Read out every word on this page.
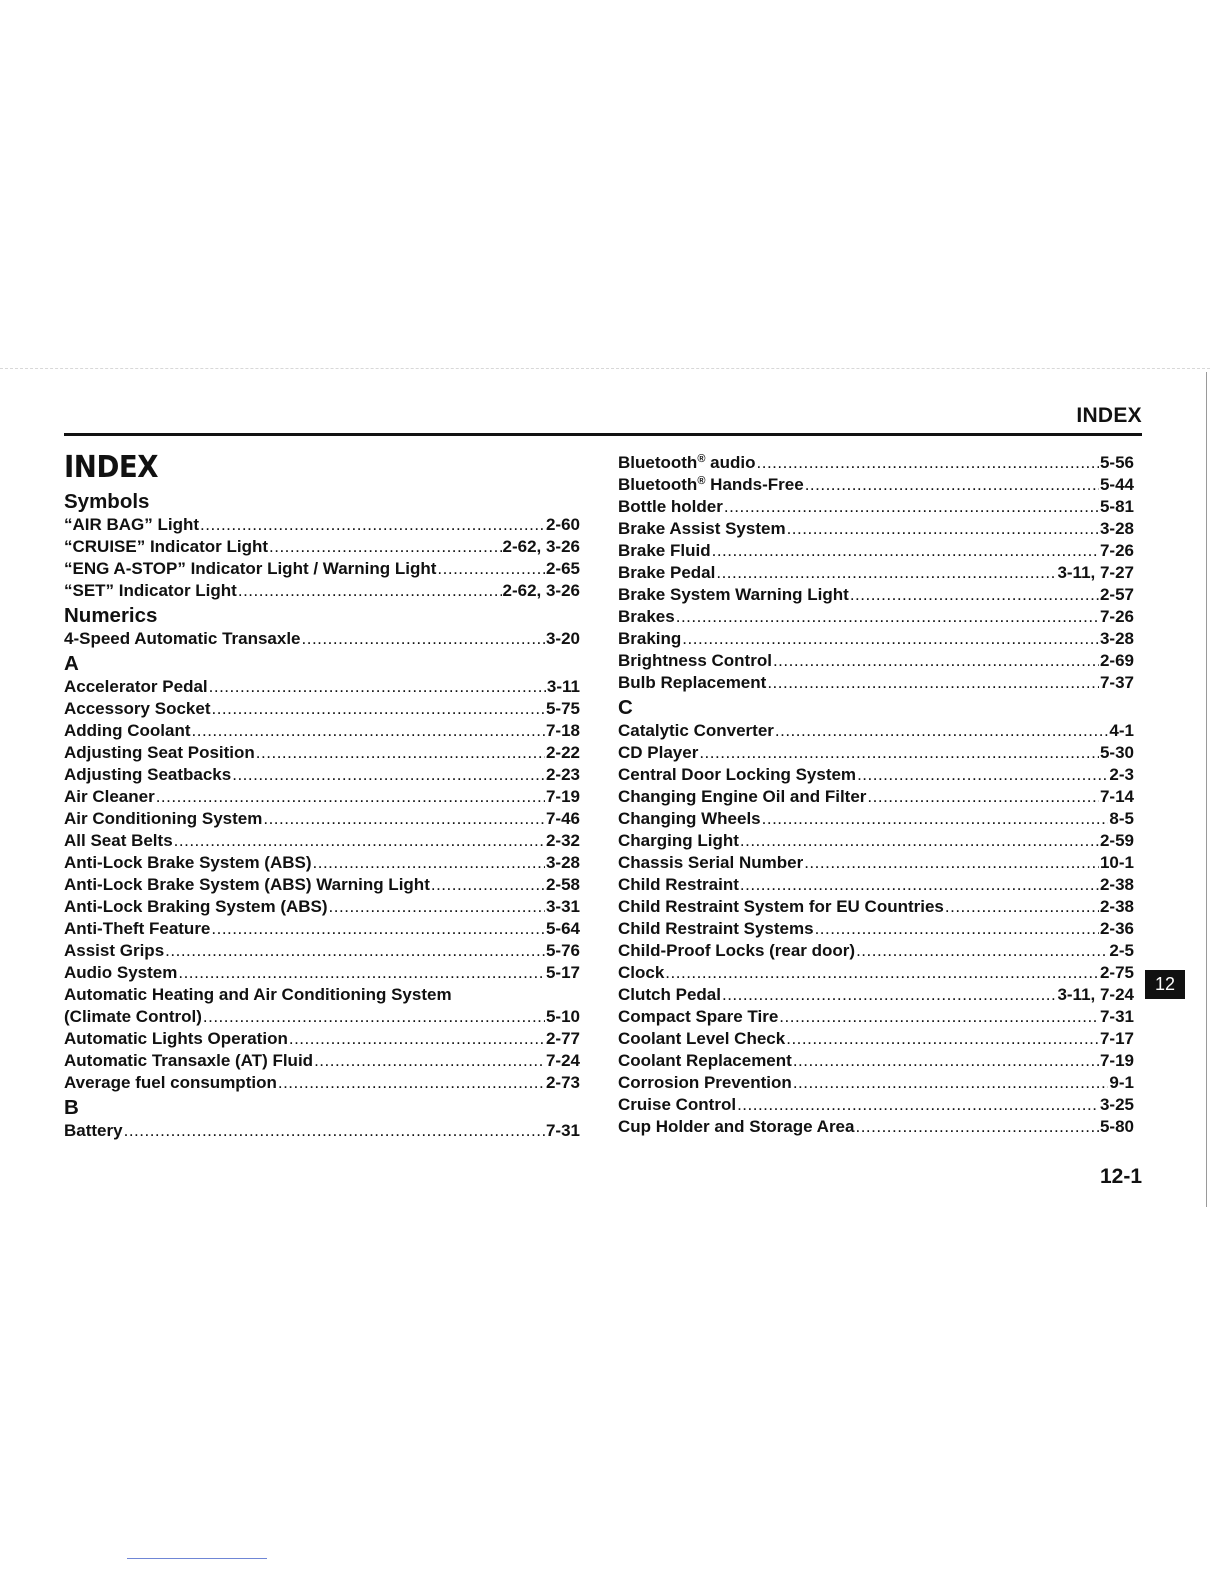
INDEX
INDEX
Symbols
“AIR BAG” Light .....	2-60
“CRUISE” Indicator Light .....	2-62, 3-26
“ENG A-STOP” Indicator Light / Warning Light .....	2-65
“SET” Indicator Light .....	2-62, 3-26
Numerics
4-Speed Automatic Transaxle .....	3-20
A
Accelerator Pedal .....	3-11
Accessory Socket .....	5-75
Adding Coolant .....	7-18
Adjusting Seat Position .....	2-22
Adjusting Seatbacks .....	2-23
Air Cleaner .....	7-19
Air Conditioning System .....	7-46
All Seat Belts .....	2-32
Anti-Lock Brake System (ABS) .....	3-28
Anti-Lock Brake System (ABS) Warning Light .....	2-58
Anti-Lock Braking System (ABS) .....	3-31
Anti-Theft Feature .....	5-64
Assist Grips .....	5-76
Audio System .....	5-17
Automatic Heating and Air Conditioning System
(Climate Control) .....	5-10
Automatic Lights Operation .....	2-77
Automatic Transaxle (AT) Fluid .....	7-24
Average fuel consumption .....	2-73
B
Battery .....	7-31
Bluetooth® audio .....	5-56
Bluetooth® Hands-Free .....	5-44
Bottle holder .....	5-81
Brake Assist System .....	3-28
Brake Fluid .....	7-26
Brake Pedal .....	3-11, 7-27
Brake System Warning Light .....	2-57
Brakes .....	7-26
Braking .....	3-28
Brightness Control .....	2-69
Bulb Replacement .....	7-37
C
Catalytic Converter .....	4-1
CD Player .....	5-30
Central Door Locking System .....	2-3
Changing Engine Oil and Filter .....	7-14
Changing Wheels .....	8-5
Charging Light .....	2-59
Chassis Serial Number .....	10-1
Child Restraint .....	2-38
Child Restraint System for EU Countries .....	2-38
Child Restraint Systems .....	2-36
Child-Proof Locks (rear door) .....	2-5
Clock .....	2-75
Clutch Pedal .....	3-11, 7-24
Compact Spare Tire .....	7-31
Coolant Level Check .....	7-17
Coolant Replacement .....	7-19
Corrosion Prevention .....	9-1
Cruise Control .....	3-25
Cup Holder and Storage Area .....	5-80
12
12-1
